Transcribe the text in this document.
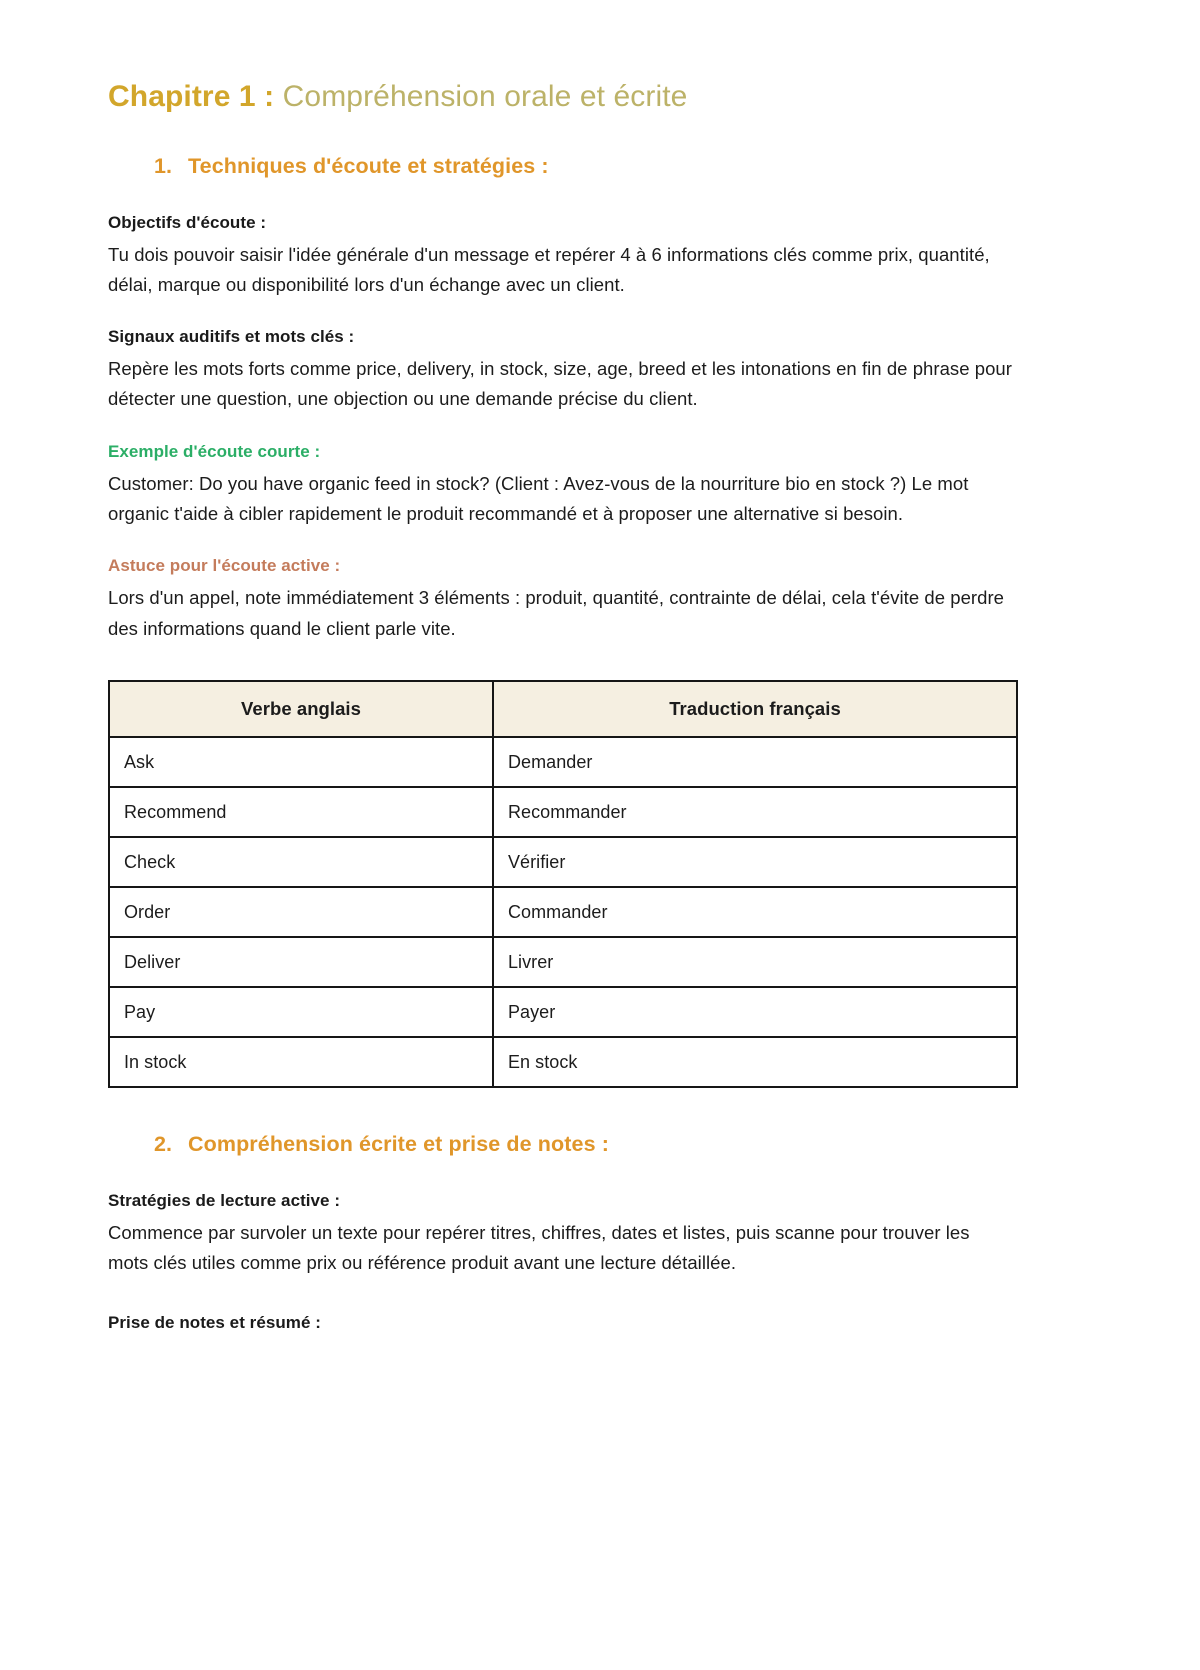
Chapitre 1 : Compréhension orale et écrite
1. Techniques d'écoute et stratégies :
Objectifs d'écoute :

Tu dois pouvoir saisir l'idée générale d'un message et repérer 4 à 6 informations clés comme prix, quantité, délai, marque ou disponibilité lors d'un échange avec un client.

Signaux auditifs et mots clés :

Repère les mots forts comme price, delivery, in stock, size, age, breed et les intonations en fin de phrase pour détecter une question, une objection ou une demande précise du client.

Exemple d'écoute courte :

Customer: Do you have organic feed in stock? (Client : Avez-vous de la nourriture bio en stock ?) Le mot organic t'aide à cibler rapidement le produit recommandé et à proposer une alternative si besoin.

Astuce pour l'écoute active :

Lors d'un appel, note immédiatement 3 éléments : produit, quantité, contrainte de délai, cela t'évite de perdre des informations quand le client parle vite.

Verbe anglais	Traduction français
Ask	Demander
Recommend	Recommander
Check	Vérifier
Order	Commander
Deliver	Livrer
Pay	Payer
In stock	En stock
2. Compréhension écrite et prise de notes :
Stratégies de lecture active :

Commence par survoler un texte pour repérer titres, chiffres, dates et listes, puis scanne pour trouver les mots clés utiles comme prix ou référence produit avant une lecture détaillée.

Prise de notes et résumé :
